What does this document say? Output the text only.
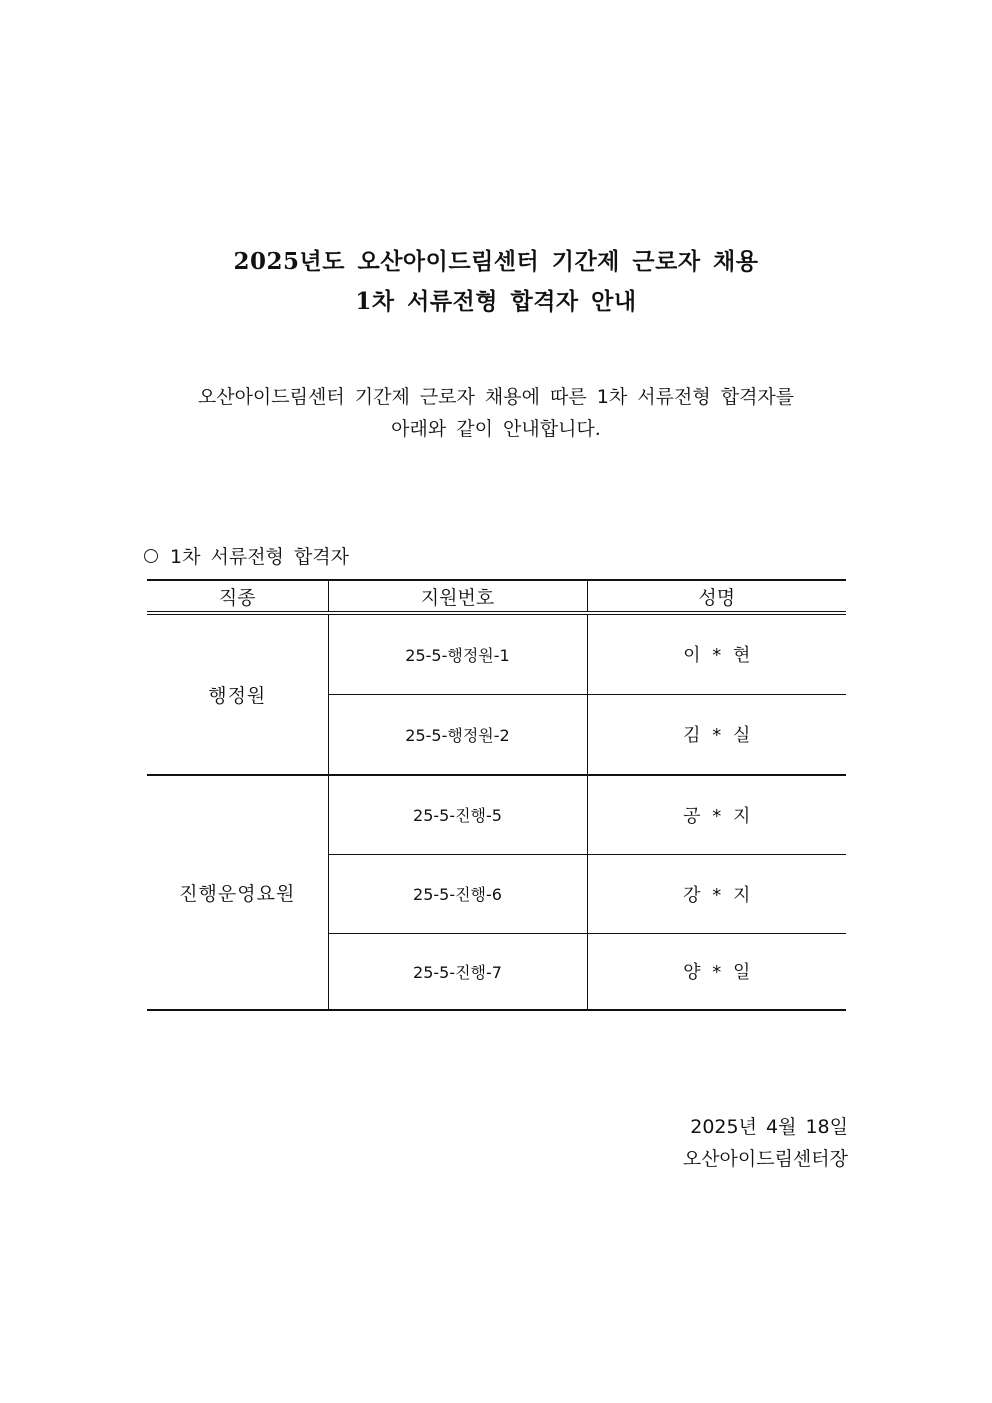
2025년도 오산아이드림센터 기간제 근로자 채용
1차 서류전형 합격자 안내
오산아이드림센터 기간제 근로자 채용에 따른 1차 서류전형 합격자를
아래와 같이 안내합니다.
1차 서류전형 합격자
직종	지원번호	성명
행정원	25-5-행정원-1	이 * 현
	25-5-행정원-2	김 * 실
진행운영요원	25-5-진행-5	공 * 지
	25-5-진행-6	강 * 지
	25-5-진행-7	양 * 일
2025년 4월 18일
오산아이드림센터장
